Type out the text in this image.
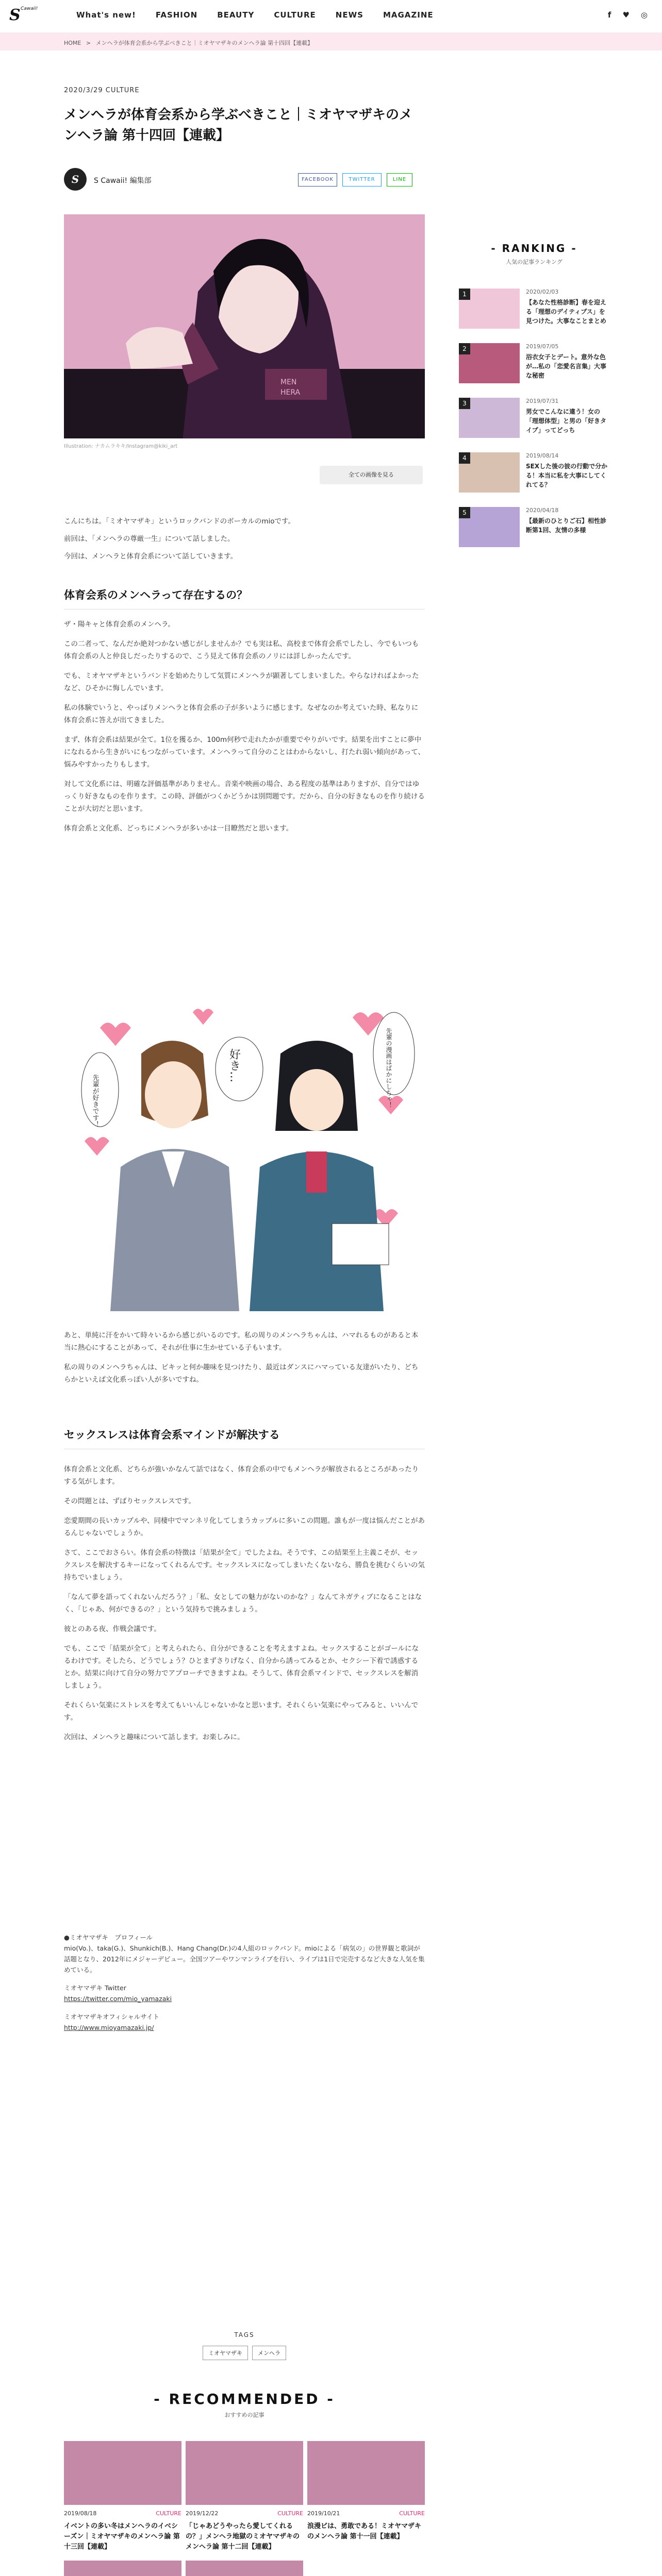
S Cawaii!
What's new!	FASHION	BEAUTY	CULTURE	NEWS	MAGAZINE	f ♥ ◎
HOME > メンヘラが体育会系から学ぶべきこと｜ミオヤマザキのメンヘラ論 第十四回【連載】
2020/3/29 CULTURE
メンヘラが体育会系から学ぶべきこと｜ミオヤマザキのメンヘラ論 第十四回【連載】
S	S Cawaii! 編集部	FACEBOOK	TWITTER	LINE
MEN
HERA
Illustration: ナカムラキキ/Instagram@kiki_art
全ての画像を見る

こんにちは。「ミオヤマザキ」というロックバンドのボーカルのmioです。

前回は、「メンヘラの尊厳一生」について話しました。

今回は、メンヘラと体育会系について話していきます。

体育会系のメンヘラって存在するの？

ザ・陽キャと体育会系のメンヘラ。

この二者って、なんだか絶対つかない感じがしませんか？でも実は私、高校まで体育会系でしたし、今でもいつも体育会系の人と仲良しだったりするので、こう見えて体育会系のノリには詳しかったんです。

でも、ミオヤマザキというバンドを始めたりして気質にメンヘラが顕著してしまいました。やらなければよかったなど、ひそかに悔しんでいます。

私の体験でいうと、やっぱりメンヘラと体育会系の子が多いように感じます。なぜなのか考えていた時、私なりに体育会系に答えが出てきました。

まず、体育会系は結果が全て。1位を獲るか、100m何秒で走れたかが重要でやりがいです。結果を出すことに夢中になれるから生きがいにもつながっています。メンヘラって自分のことはわからないし、打たれ弱い傾向があって、悩みやすかったりもします。

対して文化系には、明確な評価基準がありません。音楽や映画の場合、ある程度の基準はありますが、自分ではゆっくり好きなものを作ります。この時、評価がつくかどうかは別問題です。だから、自分の好きなものを作り続けることが大切だと思います。

体育会系と文化系、どっちにメンヘラが多いかは一目瞭然だと思います。

先輩が好きです！
好き…	先輩の漫画はばかにしちゃ！

あと、単純に汗をかいて時々いるから感じがいるのです。私の周りのメンヘラちゃんは、ハマれるものがあると本当に熱心にすることがあって、それが仕事に生かせている子もいます。

私の周りのメンヘラちゃんは、ビキッと何か趣味を見つけたり、最近はダンスにハマっている友達がいたり、どちらかといえば文化系っぽい人が多いですね。

セックスレスは体育会系マインドが解決する

体育会系と文化系、どちらが強いかなんて話ではなく、体育会系の中でもメンヘラが解放されるところがあったりする気がします。

その問題とは、ずばりセックスレスです。

恋愛期間の長いカップルや、同棲中でマンネリ化してしまうカップルに多いこの問題。誰もが一度は悩んだことがあるんじゃないでしょうか。

さて、ここでおさらい。体育会系の特徴は「結果が全て」でしたよね。そうです、この結果至上主義こそが、セックスレスを解決するキーになってくれるんです。セックスレスになってしまいたくないなら、勝負を挑むくらいの気持ちでいましょう。

「なんて夢を語ってくれないんだろう？」「私、女としての魅力がないのかな？」なんてネガティブになることはなく、「じゃあ、何ができるの？」という気持ちで挑みましょう。

彼とのある夜、作戦会議です。

でも、ここで「結果が全て」と考えられたら、自分ができることを考えますよね。セックスすることがゴールになるわけです。そしたら、どうでしょう？ひとまずさりげなく、自分から誘ってみるとか、セクシー下着で誘惑するとか。結果に向けて自分の努力でアプローチできますよね。そうして、体育会系マインドで、セックスレスを解消しましょう。

それくらい気楽にストレスを考えてもいいんじゃないかなと思います。それくらい気楽にやってみると、いいんです。

次回は、メンヘラと趣味について話します。お楽しみに。

●ミオヤマザキ　プロフィール

mio(Vo.)、taka(G.)、Shunkich(B.)、Hang Chang(Dr.)の4人組のロックバンド。mioによる「病気の」の世界観と歌詞が話題となり、2012年にメジャーデビュー。全国ツアーやワンマンライブを行い、ライブは1日で完売するなど大きな人気を集めている。

ミオヤマザキ Twitter

https://twitter.com/mio_yamazaki

ミオヤマザキオフィシャルサイト

http://www.mioyamazaki.jp/

- RANKING -
人気の記事ランキング
1	2020/02/03
【あなた性格診断】春を迎える「理想のデイティプス」を見つけた。大事なことまとめ
2	2019/07/05
浴衣女子とデート。意外な色が…私の「恋愛名言集」大事な秘密
3	2019/07/31
男女でこんなに違う！女の「理想体型」と男の「好きタイプ」ってどっち
4	2019/08/14
SEXした後の彼の行動で分かる！本当に私を大事にしてくれてる？
5	2020/04/18
【最新のひとりご石】相性診断第1回、友情の多様
TAGS
ミオヤマザキ	メンヘラ
- RECOMMENDED -
おすすめの記事
2019/08/18	CULTURE
イベントの多い冬はメンヘラのイベシーズン｜ミオヤマザキのメンヘラ論 第十三回【連載】
2019/12/22	CULTURE
「じゃあどうやったら愛してくれるの？」メンヘラ地獄のミオヤマザキのメンヘラ論 第十二回【連載】
2019/10/21	CULTURE
浪漫ビは、勇敢である！ミオヤマザキのメンヘラ論 第十一回【連載】
